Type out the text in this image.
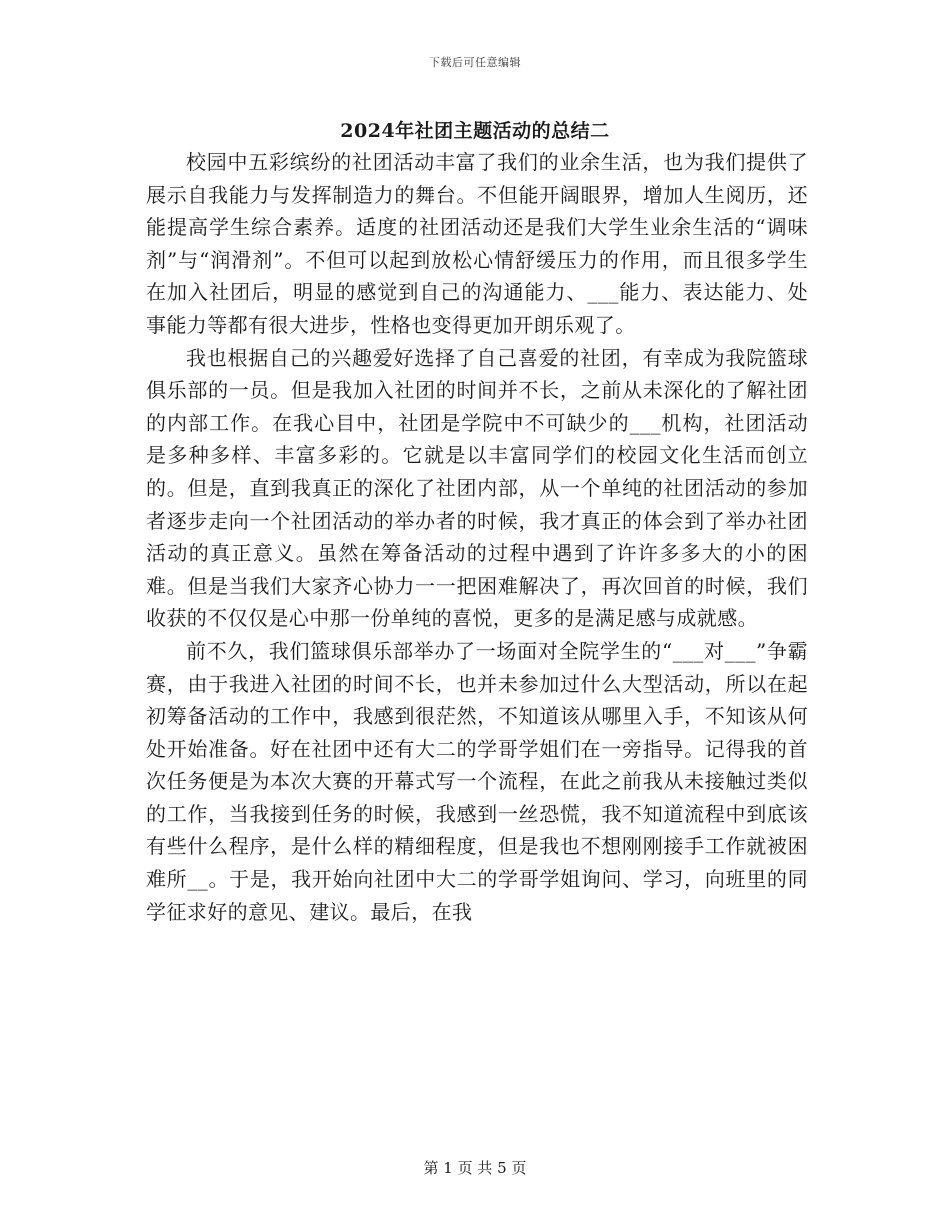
下载后可任意编辑
2024年社团主题活动的总结二

校园中五彩缤纷的社团活动丰富了我们的业余生活，也为我们提供了展示自我能力与发挥制造力的舞台。不但能开阔眼界，增加人生阅历，还能提高学生综合素养。适度的社团活动还是我们大学生业余生活的“调味剂”与“润滑剂”。不但可以起到放松心情舒缓压力的作用，而且很多学生在加入社团后，明显的感觉到自己的沟通能力、___能力、表达能力、处事能力等都有很大进步，性格也变得更加开朗乐观了。

我也根据自己的兴趣爱好选择了自己喜爱的社团，有幸成为我院篮球俱乐部的一员。但是我加入社团的时间并不长，之前从未深化的了解社团的内部工作。在我心目中，社团是学院中不可缺少的___机构，社团活动是多种多样、丰富多彩的。它就是以丰富同学们的校园文化生活而创立的。但是，直到我真正的深化了社团内部，从一个单纯的社团活动的参加者逐步走向一个社团活动的举办者的时候，我才真正的体会到了举办社团活动的真正意义。虽然在筹备活动的过程中遇到了许许多多大的小的困难。但是当我们大家齐心协力一一把困难解决了，再次回首的时候，我们收获的不仅仅是心中那一份单纯的喜悦，更多的是满足感与成就感。

前不久，我们篮球俱乐部举办了一场面对全院学生的“___对___”争霸赛，由于我进入社团的时间不长，也并未参加过什么大型活动，所以在起初筹备活动的工作中，我感到很茫然，不知道该从哪里入手，不知该从何处开始准备。好在社团中还有大二的学哥学姐们在一旁指导。记得我的首次任务便是为本次大赛的开幕式写一个流程，在此之前我从未接触过类似的工作，当我接到任务的时候，我感到一丝恐慌，我不知道流程中到底该有些什么程序，是什么样的精细程度，但是我也不想刚刚接手工作就被困难所__。于是，我开始向社团中大二的学哥学姐询问、学习，向班里的同学征求好的意见、建议。最后，在我

第 1 页 共 5 页
